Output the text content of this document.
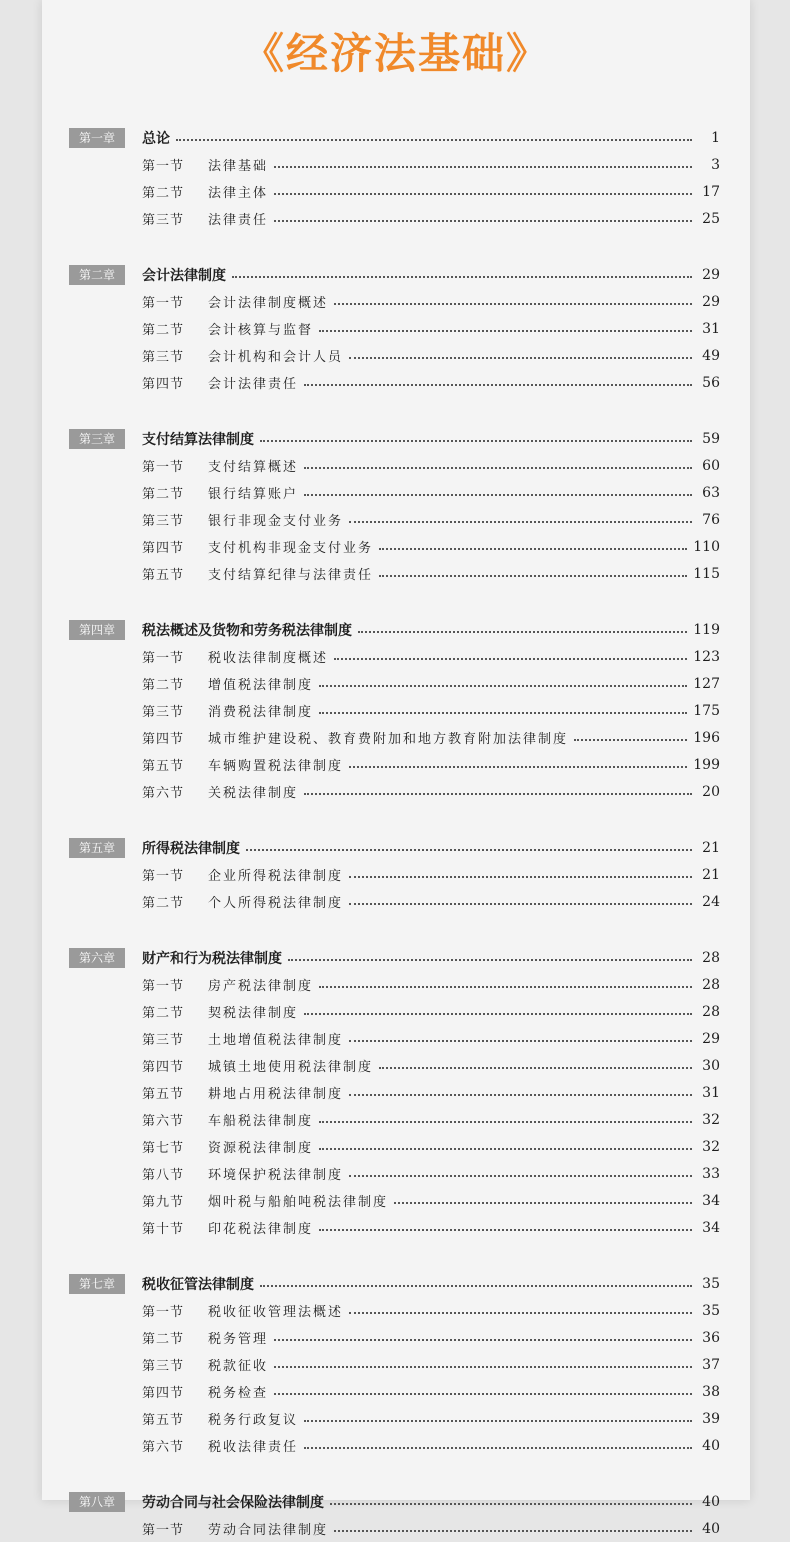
《经济法基础》
第一章	总论	1
第一节	法律基础	3
第二节	法律主体	17
第三节	法律责任	25
第二章	会计法律制度	29
第一节	会计法律制度概述	29
第二节	会计核算与监督	31
第三节	会计机构和会计人员	49
第四节	会计法律责任	56
第三章	支付结算法律制度	59
第一节	支付结算概述	60
第二节	银行结算账户	63
第三节	银行非现金支付业务	76
第四节	支付机构非现金支付业务	110
第五节	支付结算纪律与法律责任	115
第四章	税法概述及货物和劳务税法律制度	119
第一节	税收法律制度概述	123
第二节	增值税法律制度	127
第三节	消费税法律制度	175
第四节	城市维护建设税、教育费附加和地方教育附加法律制度	196
第五节	车辆购置税法律制度	199
第六节	关税法律制度	20
第五章	所得税法律制度	21
第一节	企业所得税法律制度	21
第二节	个人所得税法律制度	24
第六章	财产和行为税法律制度	28
第一节	房产税法律制度	28
第二节	契税法律制度	28
第三节	土地增值税法律制度	29
第四节	城镇土地使用税法律制度	30
第五节	耕地占用税法律制度	31
第六节	车船税法律制度	32
第七节	资源税法律制度	32
第八节	环境保护税法律制度	33
第九节	烟叶税与船舶吨税法律制度	34
第十节	印花税法律制度	34
第七章	税收征管法律制度	35
第一节	税收征收管理法概述	35
第二节	税务管理	36
第三节	税款征收	37
第四节	税务检查	38
第五节	税务行政复议	39
第六节	税收法律责任	40
第八章	劳动合同与社会保险法律制度	40
第一节	劳动合同法律制度	40
